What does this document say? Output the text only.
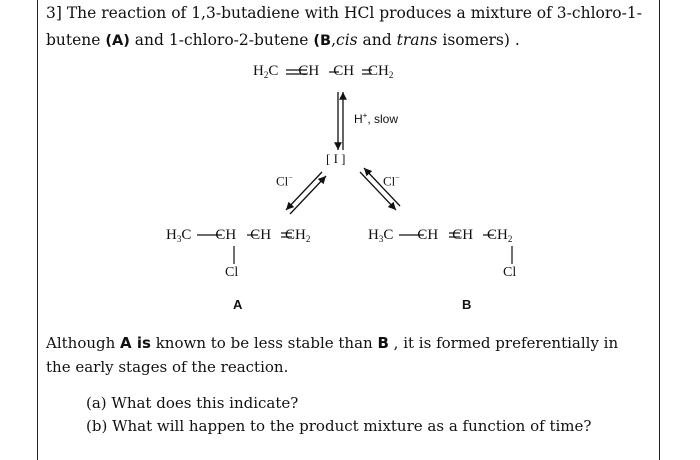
3] The reaction of 1,3-butadiene with HCl produces a mixture of 3-chloro-1-
butene (A) and 1-chloro-2-butene (B,cis and trans isomers) .
$H_2C$ CH CH $CH_2$
H+, slow
[ I ]
Cl−	Cl−
$H_3C$ CH CH $CH_2$
Cl
A
$H_3C$ CH CH $CH_2$
Cl
B
Although A is known to be less stable than B , it is formed preferentially in
the early stages of the reaction.
(a) What does this indicate?
(b) What will happen to the product mixture as a function of time?
